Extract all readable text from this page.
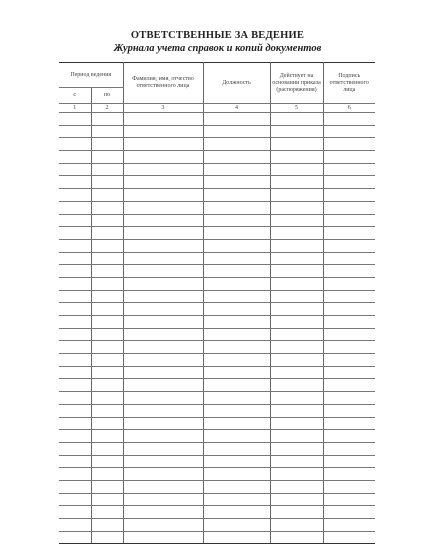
ОТВЕТСТВЕННЫЕ ЗА ВЕДЕНИЕ
Журнала учета справок и копий документов
Период ведения		Фамилия, имя, отчество ответственного лица	Должность	Действует на основании приказа (распоряжения)	Подпись ответственного лица
с	по				
1	2	3	4	5	6
